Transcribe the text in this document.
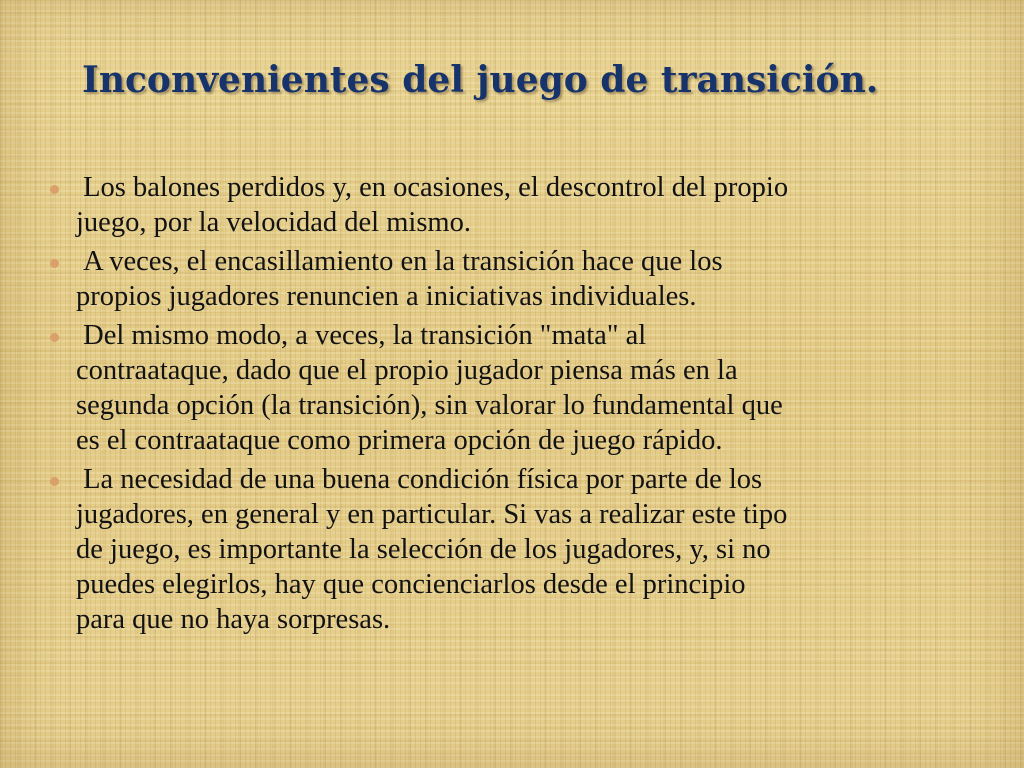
Inconvenientes del juego de transición.
Los balones perdidos y, en ocasiones, el descontrol del propio
juego, por la velocidad del mismo.
A veces, el encasillamiento en la transición hace que los
propios jugadores renuncien a iniciativas individuales.
Del mismo modo, a veces, la transición "mata" al
contraataque, dado que el propio jugador piensa más en la
segunda opción (la transición), sin valorar lo fundamental que
es el contraataque como primera opción de juego rápido.
La necesidad de una buena condición física por parte de los
jugadores, en general y en particular. Si vas a realizar este tipo
de juego, es importante la selección de los jugadores, y, si no
puedes elegirlos, hay que concienciarlos desde el principio
para que no haya sorpresas.
